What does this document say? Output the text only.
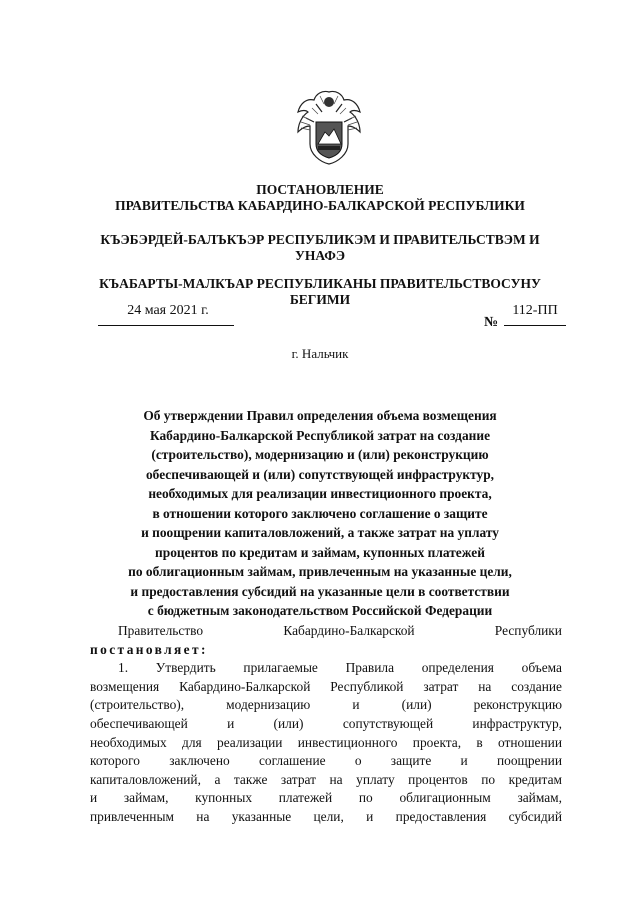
ПОСТАНОВЛЕНИЕ
ПРАВИТЕЛЬСТВА КАБАРДИНО-БАЛКАРСКОЙ РЕСПУБЛИКИ
КЪЭБЭРДЕЙ-БАЛЪКЪЭР РЕСПУБЛИКЭМ И ПРАВИТЕЛЬСТВЭМ И
УНАФЭ
КЪАБАРТЫ-МАЛКЪАР РЕСПУБЛИКАНЫ ПРАВИТЕЛЬСТВОСУНУ
БЕГИМИ
24 мая 2021 г.
№
112-ПП
г. Нальчик
Об утверждении Правил определения объема возмещения
Кабардино-Балкарской Республикой затрат на создание
(строительство), модернизацию и (или) реконструкцию
обеспечивающей и (или) сопутствующей инфраструктур,
необходимых для реализации инвестиционного проекта,
в отношении которого заключено соглашение о защите
и поощрении капиталовложений, а также затрат на уплату
процентов по кредитам и займам, купонных платежей
по облигационным займам, привлеченным на указанные цели,
и предоставления субсидий на указанные цели в соответствии
с бюджетным законодательством Российской Федерации
Правительство	Кабардино-Балкарской	Республики
постановляет:
1. Утвердить прилагаемые Правила определения объема
возмещения Кабардино-Балкарской Республикой затрат на создание
(строительство), модернизацию и (или) реконструкцию
обеспечивающей и (или) сопутствующей инфраструктур,
необходимых для реализации инвестиционного проекта, в отношении
которого заключено соглашение о защите и поощрении
капиталовложений, а также затрат на уплату процентов по кредитам
и займам, купонных платежей по облигационным займам,
привлеченным на указанные цели, и предоставления субсидий
